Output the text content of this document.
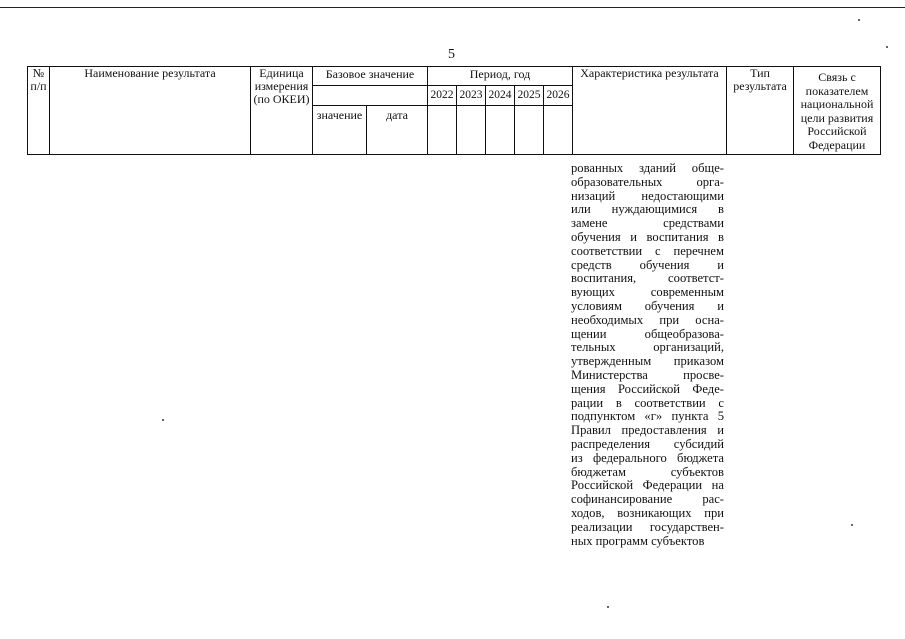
5
№ п/п	Наименование результата	Единица измерения (по ОКЕИ)	Базовое значение		Период, год					Характеристика результата	Тип результата	Связь с показателем национальной цели развития Российской Федерации
					2022	2023	2024	2025	2026			
			значение	дата								
рованных зданий обще-
образовательных орга-
низаций недостающими
или нуждающимися в
замене средствами
обучения и воспитания в
соответствии с перечнем
средств обучения и
воспитания, соответст-
вующих современным
условиям обучения и
необходимых при осна-
щении общеобразова-
тельных организаций,
утвержденным приказом
Министерства просве-
щения Российской Феде-
рации в соответствии с
подпунктом «г» пункта 5
Правил предоставления и
распределения субсидий
из федерального бюджета
бюджетам субъектов
Российской Федерации на
софинансирование рас-
ходов, возникающих при
реализации государствен-
ных программ субъектов
